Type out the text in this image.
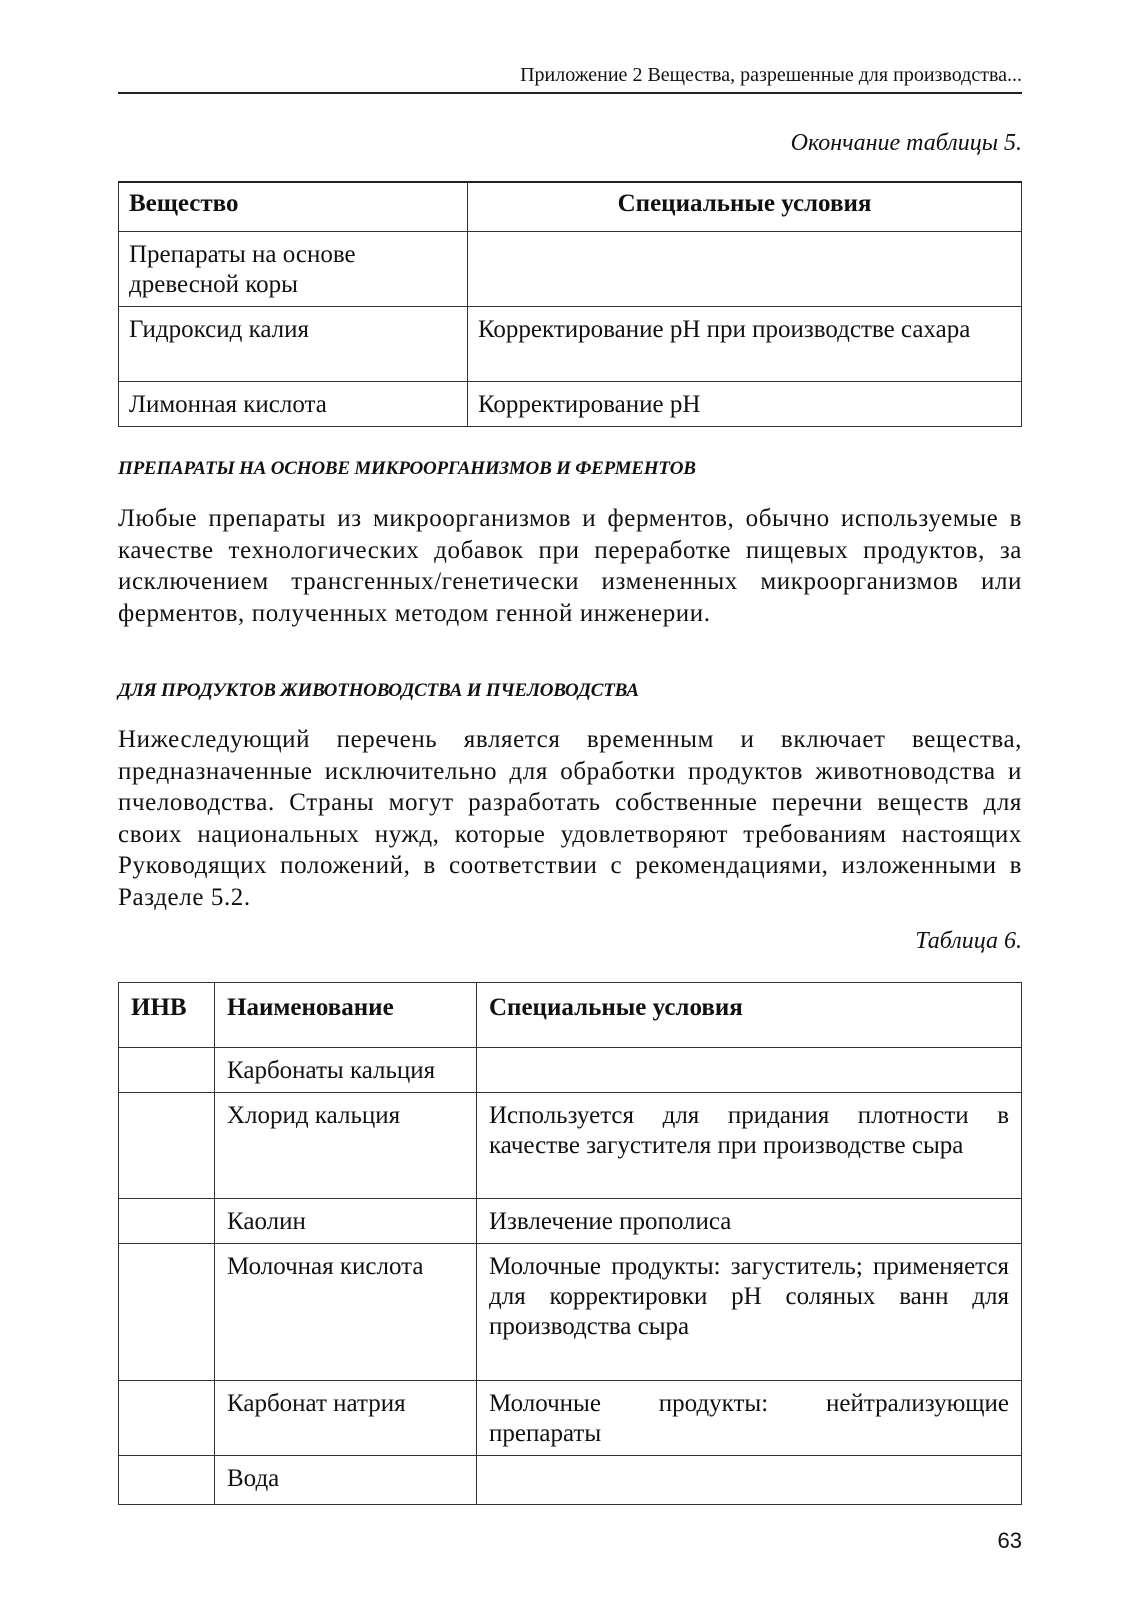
Приложение 2 Вещества, разрешенные для производства...
Окончание таблицы 5.
Вещество	Специальные условия
Препараты на основе древесной коры	
Гидроксид калия	Корректирование pH при производстве сахара
Лимонная кислота	Корректирование pH
ПРЕПАРАТЫ НА ОСНОВЕ МИКРООРГАНИЗМОВ И ФЕРМЕНТОВ

Любые препараты из микроорганизмов и ферментов, обычно используемые в качестве технологических добавок при переработке пищевых продуктов, за исключением трансгенных/генетически измененных микроорганизмов или ферментов, полученных методом генной инженерии.

ДЛЯ ПРОДУКТОВ ЖИВОТНОВОДСТВА И ПЧЕЛОВОДСТВА

Нижеследующий перечень является временным и включает вещества, предназначенные исключительно для обработки продуктов животноводства и пчеловодства. Страны могут разработать собственные перечни веществ для своих национальных нужд, которые удовлетворяют требованиям настоящих Руководящих положений, в соответствии с рекомендациями, изложенными в Разделе 5.2.

Таблица 6.
ИНВ	Наименование	Специальные условия
	Карбонаты кальция	
	Хлорид кальция	Используется для придания плотности в качестве загустителя при производстве сыра
	Каолин	Извлечение прополиса
	Молочная кислота	Молочные продукты: загуститель; применяется для корректировки pH соляных ванн для производства сыра
	Карбонат натрия	Молочные продукты: нейтрализующие препараты
	Вода	
63
